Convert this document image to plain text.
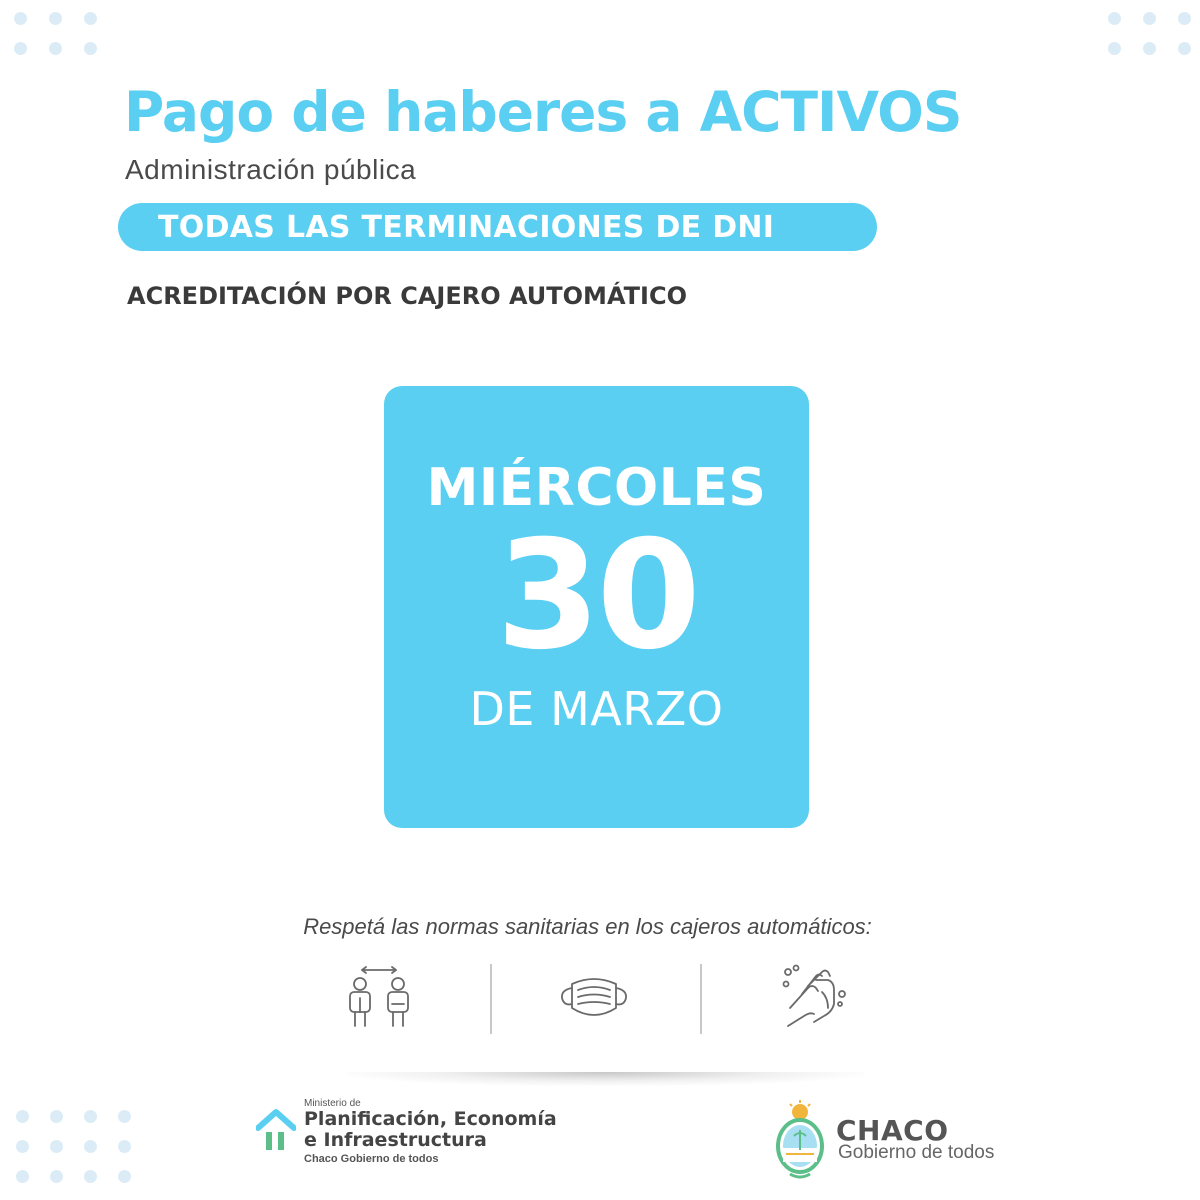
Pago de haberes a ACTIVOS
Administración pública
TODAS LAS TERMINACIONES DE DNI
ACREDITACIÓN POR CAJERO AUTOMÁTICO
MIÉRCOLES
30
DE MARZO
Respetá las normas sanitarias en los cajeros automáticos:
Ministerio de
Planificación, Economía
e Infraestructura
Chaco Gobierno de todos
CHACO
Gobierno de todos
